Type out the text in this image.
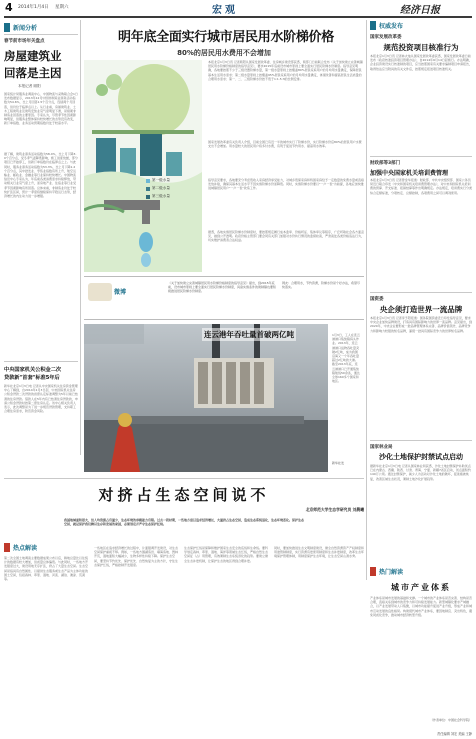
4 2014年1月4日 星期六	宏观	经济日报
新闻分析
春节前市场年关盘点
房屋建筑业
回落是主因
本报记者 顾阳
国家统计局服务业调查中心、中国物流与采购联合会1日发布数据显示，2013年12月中国非制造业商务活动指数为54.6%，比上月回落1.5个百分点，连续两个月回落，但仍位于临界点以上。从行业看，房屋建筑业、土木工程建筑业及建筑安装业景气度明显下滑，是拖累非制造业回落的主要原因。专家认为，尽管季节性因素影响明显，但服务业整体保持较快增长的态势没有改变，新订单指数、业务活动预期指数仍处于较高水平。
据了解，建筑业商务活动指数为58.4%，比上月下降3.0个百分点，受冬季气温降低影响，施工进度放缓，部分项目已开始停工，但新订单指数仍在临界点之上。与此同时，服务业商务活动指数为53.3%，比上月下降1.2个百分点，其中批发业、零售业指数有所上升，航空运输业、邮政业、金融业等行业保持较快增长。中国物流信息中心专家认为，年底前各类消费需求持续释放，带动相关行业景气度上升，而房地产业、住宿业等行业受季节因素影响有所回落。总体来看，非制造业仍处于较快扩张区间，预计一季度将继续保持平稳运行态势，经济增长的内生动力进一步增强。
中央国家机关公积金二次
贷款新"首套"标准5年后
新华社北京1月3日电 记者从中央国家机关住房资金管理中心了解到，自2014年1月3日起，中央国家机关住房公积金贷款二次贷款的首套认定标准调整为5年以前已结清的住房贷款。借款人在5年内有已结清住房贷款的，申请公积金贷款时按第二套住房认定。该中心相关负责人表示，此次调整是为了进一步规范贷款管理，支持职工合理住房需求，防范资金风险。
明年底全面实行城市居民用水阶梯价格
80%的居民用水费用不会增加
第一级水量
第二级水量
第三级水量
本报北京1月3日讯 记者顾阳从国家发展改革委、住房城乡建设部获悉，两部门日前联合发布《关于加快建立完善城镇居民用水阶梯价格制度的指导意见》，要求2015年底前设市城市原则上要全面实行居民阶梯水价制度。指导意见明确，各地要按照不少于三级设置阶梯水量，第一级水量原则上按覆盖80%居民家庭用户的月均用水量确定，保障居民基本生活用水需求；第二级水量原则上按覆盖95%居民家庭用户的月均用水量确定，体现改善和提高居民生活质量的合理用水需求；第一、二、三级阶梯水价按不低于1:1.5:3的比例安排。
国家发展改革委有关负责人介绍，目前全国已有近一半的城市实行了阶梯水价，实行阶梯水价后80%的居民用户水费支出不会增加。用水量较大的居民用户将多付水费，有利于促进节约用水、提高用水效率。
指导意见要求，各地要充分考虑低收入家庭经济承受能力，对城乡低保家庭和特困家庭给予一定数量的免费水量或直接发放补贴，确保其基本生活水平不因实施阶梯水价而降低。同时，实施阶梯水价要以"一户一表"为前提，各地应加快推进城镇居民用户"一户一表"改造工作。
据悉，各地实施居民阶梯水价制度时，要按照规定履行成本监审、价格听证、集体审议等程序，广泛听取社会各方面意见，做到公开透明。政府价格主管部门要会同有关部门加强对水价执行情况的监督检查，严肃查处各类价格违法行为，切实维护消费者合法权益。
微博
《关于加快建立完善城镇居民用水阶梯价格制度的指导意见》提出，到2015年底前，设市城市原则上要全面实行居民阶梯水价制度，具备实施条件的建制镇也要积极推进居民阶梯水价制度。
网友：合理用水，节约资源，阶梯水价是个好办法，希望尽快落实。
连云港年吞吐量首破两亿吨	1月3日，工人在连云港港口集装箱码头作业。2013年，连云港港口货物吞吐量突破2亿吨，成为我国沿海又一个年吞吐量超过2亿吨的大港。截至2013年底，连云港港口已开通集装箱航线50余条，通达全球160多个国家和地区。
新华社发
对挤占生态空间说不
北京师范大学生态学研究员 刘晨曦
我国地域面积很大，但人均资源占有量少，生态环境的承载能力有限。过去一段时期，一些地方盲目追求经济增长，大量挤占生态空间，造成生态系统退化，生态环境恶化。保护生态空间，就是保护我们赖以生存和发展的家园，必须划定并严守生态保护红线。
热点解读
第二次全国土地调查主要数据成果公布以后，耕地总量比以往统计的数据有较大增加，但质量总体偏低。与此同时，一些地方开发强度过大，建设用地无序扩张，挤占了大量生态空间。生态空间是指具有自然属性、以提供生态服务或生态产品为主体功能的国土空间，包括森林、草原、湿地、河流、湖泊、滩涂、荒漠等。
一些地区在追求经济增长的过程中，片面强调开发建设，对生态空间保护重视不够。例如，一些地方围湖造田、填海造地、毁林开荒，湿地面积大幅减少，生物多样性持续下降。保护生态空间，要坚持节约优先、保护优先、自然恢复为主的方针，守住生态保护红线，严格控制开发强度。
生态保护红线是保障和维护国家生态安全的底线和生命线。要科学划定森林、草原、湿地、海洋等领域生态红线，严格自然生态空间征（占）用管理，有效遏制生态系统退化的趋势。要建立健全生态补偿机制，让保护生态的地区得到合理补偿。
同时，要加快推进生态文明制度建设，健全自然资源资产产权制度和用途管制制度，实行资源有偿使用制度和生态补偿制度，改革生态环境保护管理体制，用制度保护生态环境，让生态空间山清水秀。
权威发布
国家发展改革委
规范投资项目核准行为
本报北京1月3日讯 记者林火灿从国家发展改革委获悉，国家发展改革委日前发布《政府核准投资项目管理办法》，自2014年6月14日起施行。办法明确，企业投资建设实行核准制的项目，应当按照国家有关要求编制项目申请报告，取得依法应当附具的有关文件后，按照规定报送项目核准机关。
财政部等3部门
加强中央国家机关培训费管理
本报北京1月3日讯 记者曾金华报道：财政部、中共中央组织部、国家公务员局近日联合印发《中央和国家机关培训费管理办法》，对中央和国家机关培训费的预算、开支标准、报销结算等作出明确规定。办法规定，培训费实行分类综合定额标准，分项核定、总额控制，各项费用之间可以调剂使用。
国资委
央企须打造世界一流品牌
本报北京1月3日讯 记者李予阳报道：国务院国资委近日印发指导意见，要求中央企业加快品牌建设，打造具有国际影响力的世界一流品牌。意见提出，到2020年，中央企业要形成一批品牌管理体系完善、品牌价值领先、品牌竞争力和影响力较强的知名品牌，涌现一批具有国际竞争力的世界知名品牌。
国家林业局
沙化土地保护封禁试点启动
据新华社北京1月3日电 记者从国家林业局获悉，沙化土地封禁保护补助试点已在内蒙古、西藏、陕西、甘肃、青海、宁夏、新疆7省区启动，试点面积约140万公顷。通过封禁保护，减少人为活动对沙化土地的破坏，促进植被恢复，改善区域生态状况，遏制土地沙化扩展趋势。
热门解读
城市产业体系
产业体系是城市发展的基础和支撑。一个城市的产业体系是否完善、结构是否合理，直接关系到城市的竞争力和可持续发展能力。新型城镇化要求产城融合，以产业发展带动人口集聚，以城市功能提升促进产业升级，形成产业和城市互动发展的良性格局。构建现代城市产业体系，要因地制宜、突出特色，避免同质化竞争，推动城市经济转型升级。
（作者单位：中国社会科学院）
责任编辑 刘宏 美编 王静
